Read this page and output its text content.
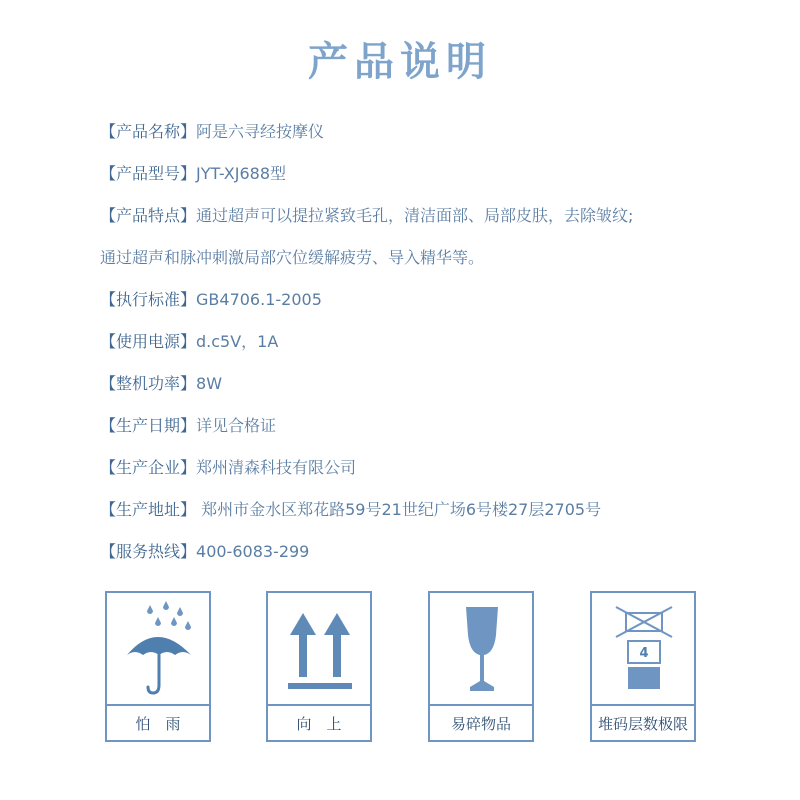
产品说明
【产品名称】阿是六寻经按摩仪
【产品型号】JYT-XJ688型
【产品特点】通过超声可以提拉紧致毛孔，清洁面部、局部皮肤，去除皱纹;
通过超声和脉冲刺激局部穴位缓解疲劳、导入精华等。
【执行标准】GB4706.1-2005
【使用电源】d.c5V，1A
【整机功率】8W
【生产日期】详见合格证
【生产企业】郑州清森科技有限公司
【生产地址】 郑州市金水区郑花路59号21世纪广场6号楼27层2705号
【服务热线】400-6083-299
怕　雨	向　上	易碎物品
4
堆码层数极限
